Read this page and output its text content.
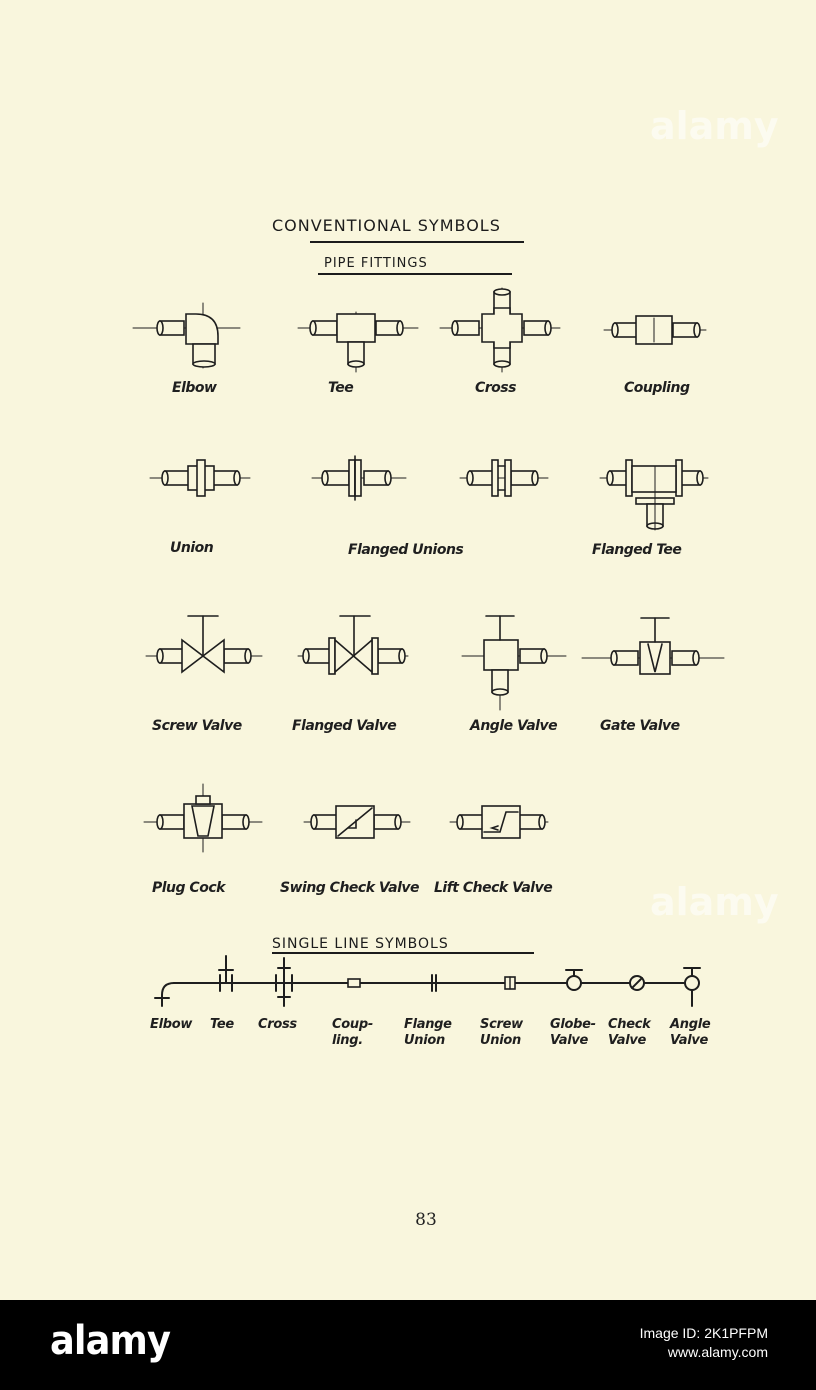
CONVENTIONAL SYMBOLS
PIPE FITTINGS
Elbow	Tee	Cross	Coupling
Union	Flanged Unions	Flanged Tee
Screw Valve	Flanged Valve	Angle Valve	Gate Valve
Plug Cock	Swing Check Valve Lift Check Valve
SINGLE LINE SYMBOLS
Elbow Tee Cross	Coup-
ling.
Flange
Union
Screw
Union
Globe-
Valve
Check
Valve
Angle
Valve
83
alamy
alamy
alamy	Image ID: 2K1PFPM
www.alamy.com
